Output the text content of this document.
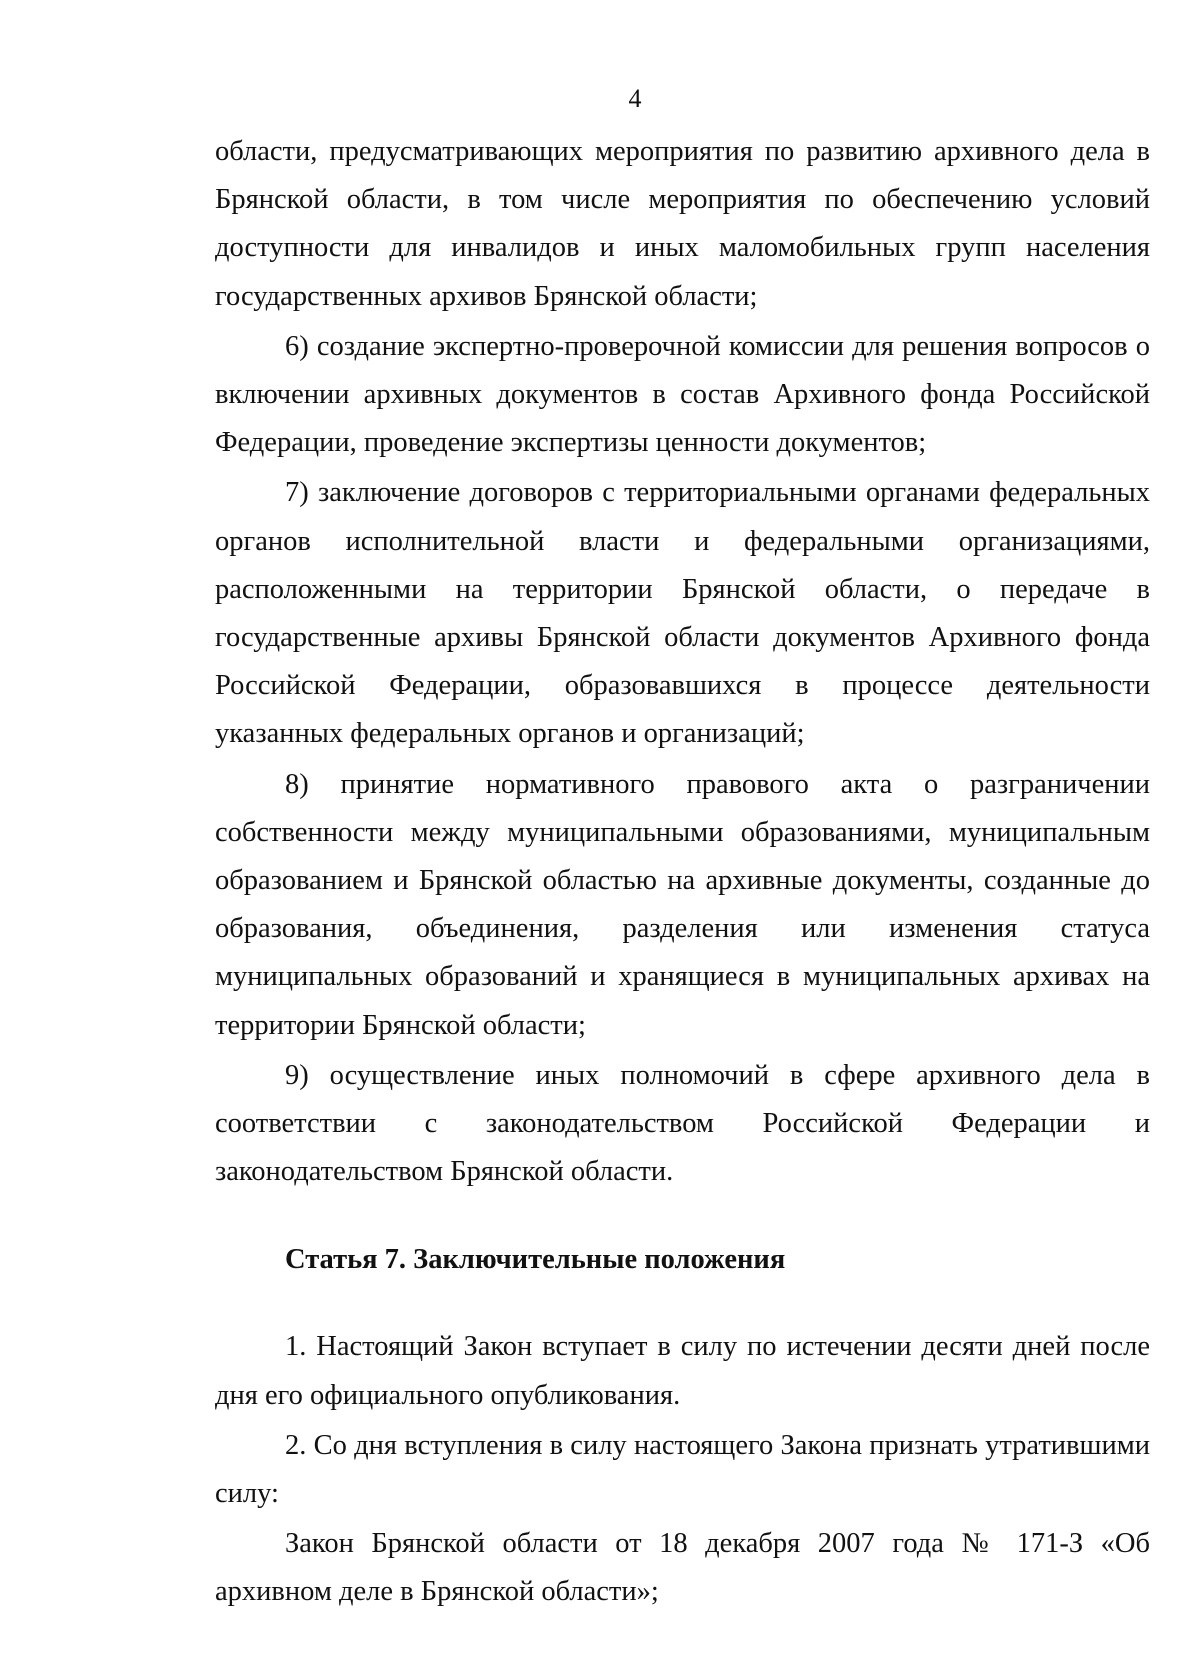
4

области, предусматривающих мероприятия по развитию архивного дела в Брянской области, в том числе мероприятия по обеспечению условий доступности для инвалидов и иных маломобильных групп населения государственных архивов Брянской области;

6) создание экспертно-проверочной комиссии для решения вопросов о включении архивных документов в состав Архивного фонда Российской Федерации, проведение экспертизы ценности документов;

7) заключение договоров с территориальными органами федеральных органов исполнительной власти и федеральными организациями, расположенными на территории Брянской области, о передаче в государственные архивы Брянской области документов Архивного фонда Российской Федерации, образовавшихся в процессе деятельности указанных федеральных органов и организаций;

8) принятие нормативного правового акта о разграничении собственности между муниципальными образованиями, муниципальным образованием и Брянской областью на архивные документы, созданные до образования, объединения, разделения или изменения статуса муниципальных образований и хранящиеся в муниципальных архивах на территории Брянской области;

9) осуществление иных полномочий в сфере архивного дела в соответствии с законодательством Российской Федерации и законодательством Брянской области.

Статья 7. Заключительные положения

1. Настоящий Закон вступает в силу по истечении десяти дней после дня его официального опубликования.

2. Со дня вступления в силу настоящего Закона признать утратившими силу:

Закон Брянской области от 18 декабря 2007 года № 171-З «Об архивном деле в Брянской области»;
